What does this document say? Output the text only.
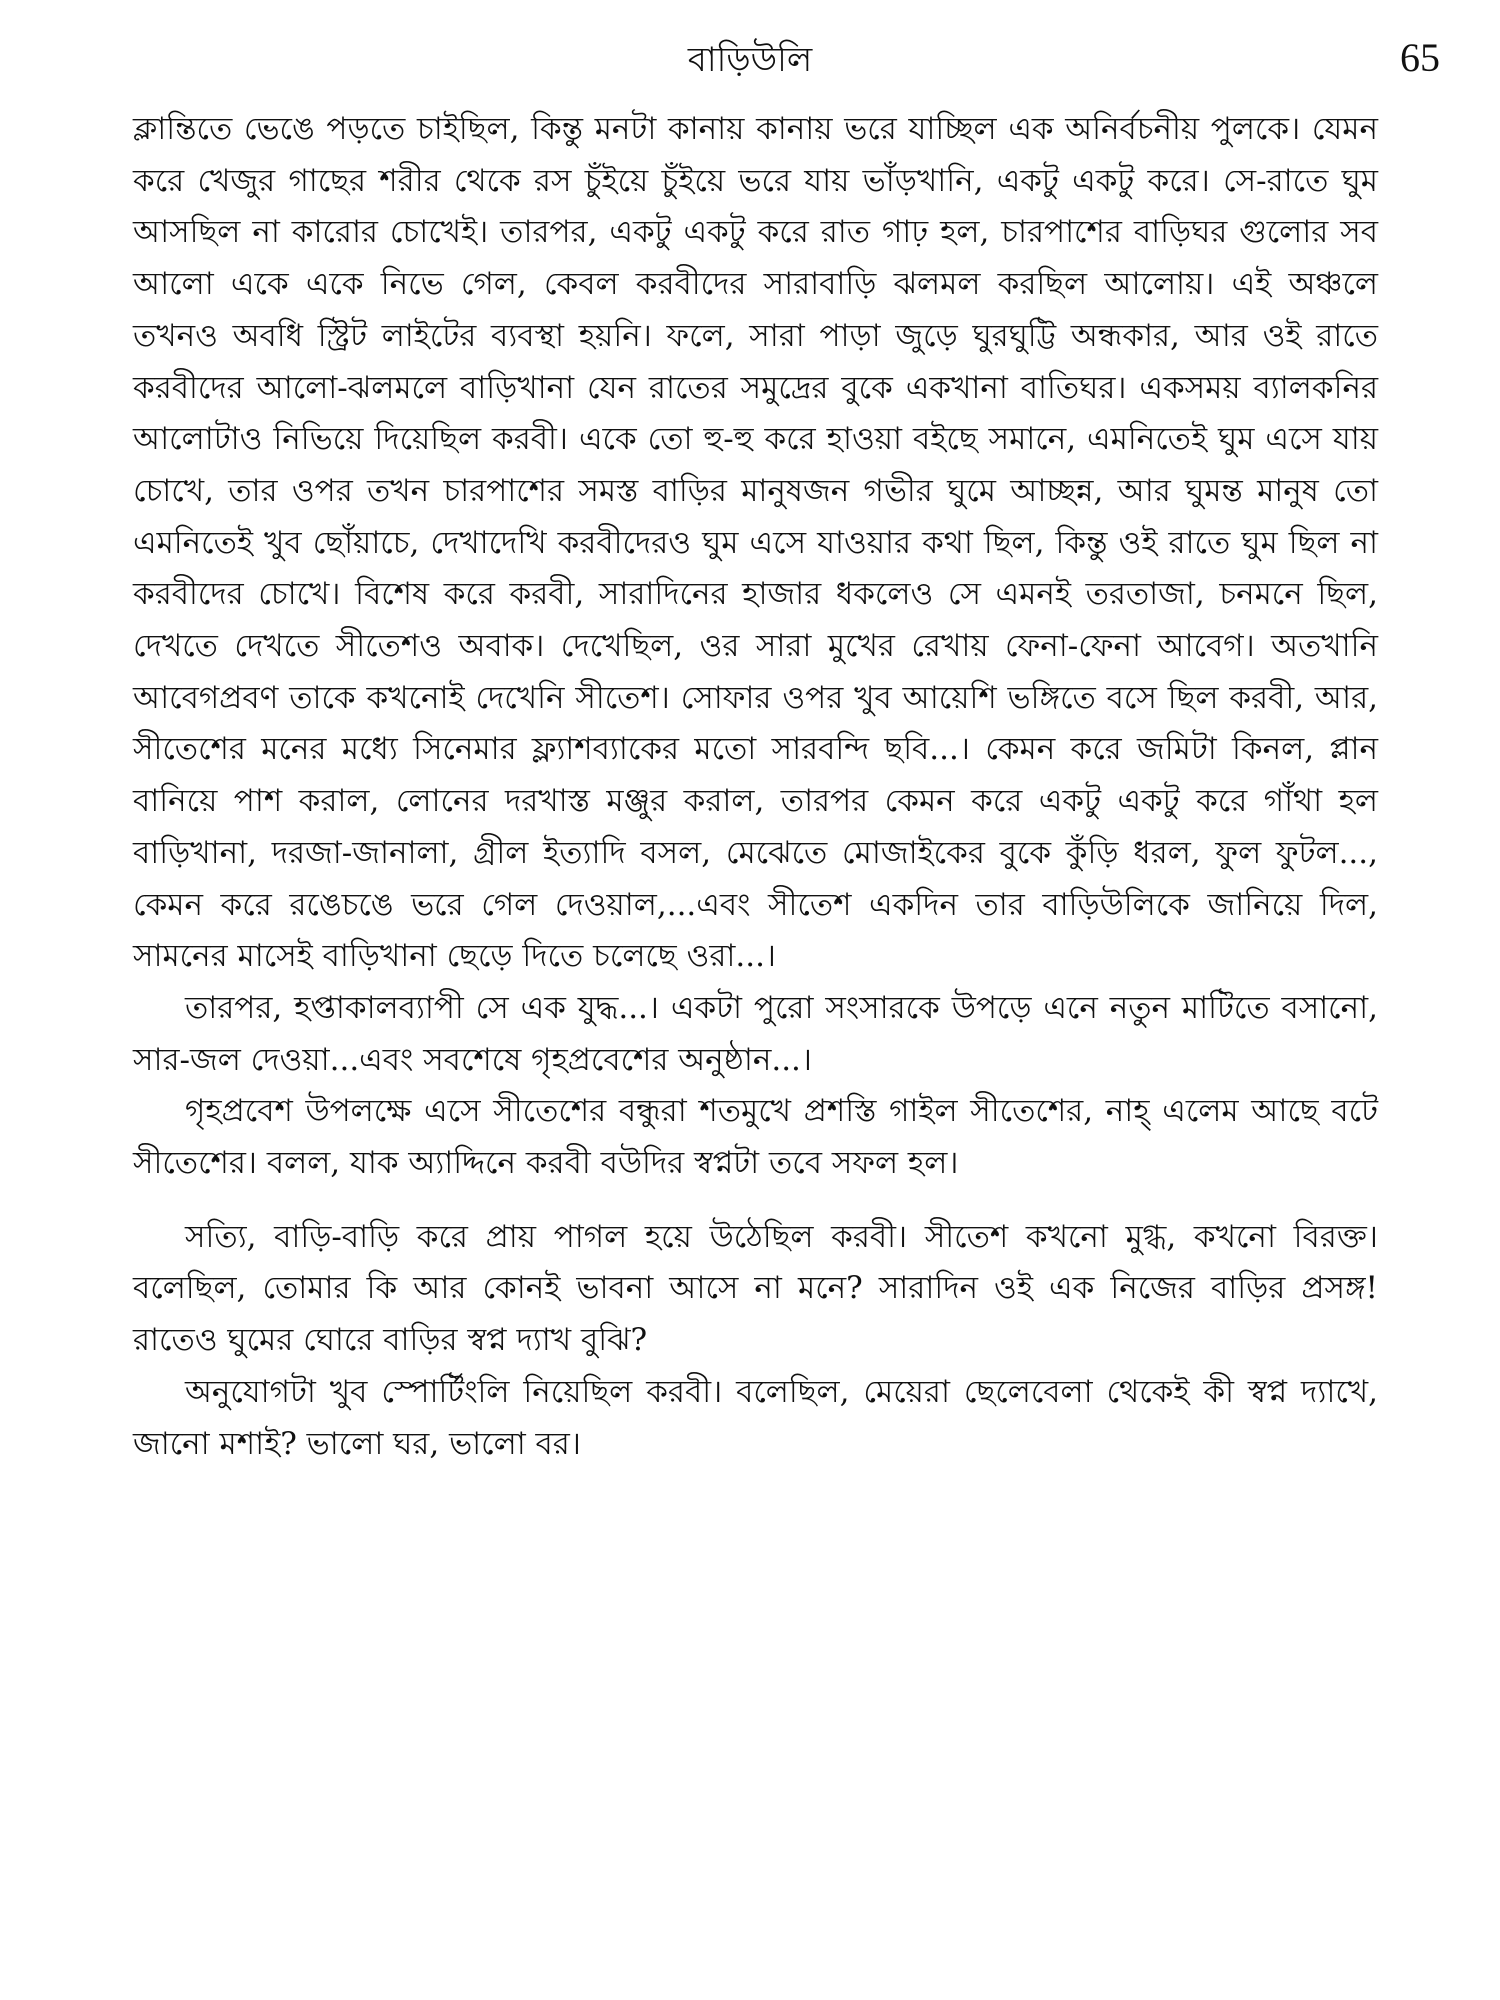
বাড়িউলি	65

ক্লান্তিতে ভেঙে পড়তে চাইছিল, কিন্তু মনটা কানায় কানায় ভরে যাচ্ছিল এক অনির্বচনীয় পুলকে। যেমন করে খেজুর গাছের শরীর থেকে রস চুঁইয়ে চুঁইয়ে ভরে যায় ভাঁড়খানি, একটু একটু করে। সে-রাতে ঘুম আসছিল না কারোর চোখেই। তারপর, একটু একটু করে রাত গাঢ় হল, চারপাশের বাড়িঘর গুলোর সব আলো একে একে নিভে গেল, কেবল করবীদের সারাবাড়ি ঝলমল করছিল আলোয়। এই অঞ্চলে তখনও অবধি স্ট্রিট লাইটের ব্যবস্থা হয়নি। ফলে, সারা পাড়া জুড়ে ঘুরঘুট্টি অন্ধকার, আর ওই রাতে করবীদের আলো-ঝলমলে বাড়িখানা যেন রাতের সমুদ্রের বুকে একখানা বাতিঘর। একসময় ব্যালকনির আলোটাও নিভিয়ে দিয়েছিল করবী। একে তো হু-হু করে হাওয়া বইছে সমানে, এমনিতেই ঘুম এসে যায় চোখে, তার ওপর তখন চারপাশের সমস্ত বাড়ির মানুষজন গভীর ঘুমে আচ্ছন্ন, আর ঘুমন্ত মানুষ তো এমনিতেই খুব ছোঁয়াচে, দেখাদেখি করবীদেরও ঘুম এসে যাওয়ার কথা ছিল, কিন্তু ওই রাতে ঘুম ছিল না করবীদের চোখে। বিশেষ করে করবী, সারাদিনের হাজার ধকলেও সে এমনই তরতাজা, চনমনে ছিল, দেখতে দেখতে সীতেশও অবাক। দেখেছিল, ওর সারা মুখের রেখায় ফেনা-ফেনা আবেগ। অতখানি আবেগপ্রবণ তাকে কখনোই দেখেনি সীতেশ। সোফার ওপর খুব আয়েশি ভঙ্গিতে বসে ছিল করবী, আর, সীতেশের মনের মধ্যে সিনেমার ফ্ল্যাশব্যাকের মতো সারবন্দি ছবি...। কেমন করে জমিটা কিনল, প্লান বানিয়ে পাশ করাল, লোনের দরখাস্ত মঞ্জুর করাল, তারপর কেমন করে একটু একটু করে গাঁথা হল বাড়িখানা, দরজা-জানালা, গ্রীল ইত্যাদি বসল, মেঝেতে মোজাইকের বুকে কুঁড়ি ধরল, ফুল ফুটল..., কেমন করে রঙেচঙে ভরে গেল দেওয়াল,...এবং সীতেশ একদিন তার বাড়িউলিকে জানিয়ে দিল, সামনের মাসেই বাড়িখানা ছেড়ে দিতে চলেছে ওরা...।

তারপর, হপ্তাকালব্যাপী সে এক যুদ্ধ...। একটা পুরো সংসারকে উপড়ে এনে নতুন মাটিতে বসানো, সার-জল দেওয়া...এবং সবশেষে গৃহপ্রবেশের অনুষ্ঠান...।

গৃহপ্রবেশ উপলক্ষে এসে সীতেশের বন্ধুরা শতমুখে প্রশস্তি গাইল সীতেশের, নাহ্ এলেম আছে বটে সীতেশের। বলল, যাক অ্যাদ্দিনে করবী বউদির স্বপ্নটা তবে সফল হল।

সত্যি, বাড়ি-বাড়ি করে প্রায় পাগল হয়ে উঠেছিল করবী। সীতেশ কখনো মুগ্ধ, কখনো বিরক্ত। বলেছিল, তোমার কি আর কোনই ভাবনা আসে না মনে? সারাদিন ওই এক নিজের বাড়ির প্রসঙ্গ! রাতেও ঘুমের ঘোরে বাড়ির স্বপ্ন দ্যাখ বুঝি?

অনুযোগটা খুব স্পোর্টিংলি নিয়েছিল করবী। বলেছিল, মেয়েরা ছেলেবেলা থেকেই কী স্বপ্ন দ্যাখে, জানো মশাই? ভালো ঘর, ভালো বর।
